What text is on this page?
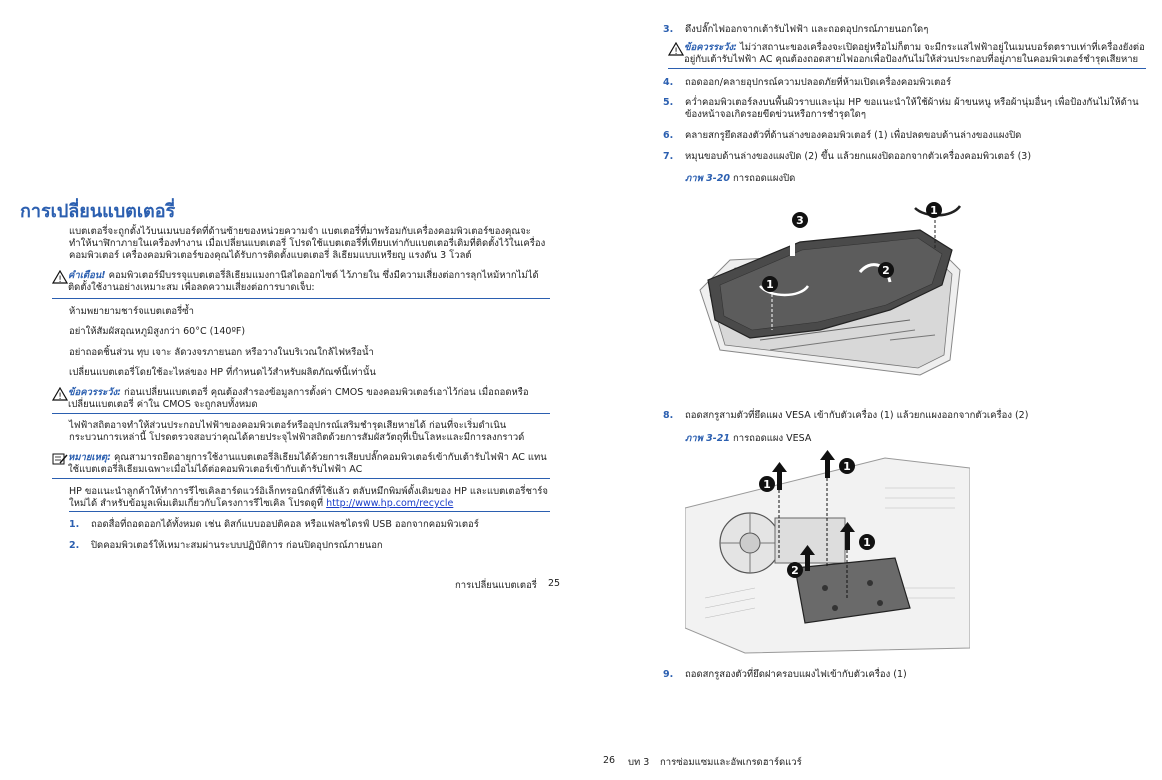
การเปลี่ยนแบตเตอรี่
แบตเตอรี่จะถูกตั้งไว้บนเมนบอร์ดที่ด้านซ้ายของหน่วยความจำ แบตเตอรี่ที่มาพร้อมกับเครื่องคอมพิวเตอร์ของคุณจะทำให้นาฬิกาภายในเครื่องทำงาน เมื่อเปลี่ยนแบตเตอรี่ โปรดใช้แบตเตอรี่ที่เทียบเท่ากับแบตเตอรี่เดิมที่ติดตั้งไว้ในเครื่องคอมพิวเตอร์ เครื่องคอมพิวเตอร์ของคุณได้รับการติดตั้งแบตเตอรี่ ลิเธียมแบบเหรียญ แรงดัน 3 โวลต์
! คำเตือน! คอมพิวเตอร์มีบรรจุแบตเตอรี่ลิเธียมแมงกานีสไดออกไซด์ ไว้ภายใน ซึ่งมีความเสี่ยงต่อการลุกไหม้หากไม่ได้ติดตั้งใช้งานอย่างเหมาะสม เพื่อลดความเสี่ยงต่อการบาดเจ็บ:
ห้ามพยายามชาร์จแบตเตอรี่ซ้ำ
อย่าให้สัมผัสอุณหภูมิสูงกว่า 60°C (140ºF)
อย่าถอดชิ้นส่วน ทุบ เจาะ ลัดวงจรภายนอก หรือวางในบริเวณใกล้ไฟหรือน้ำ
เปลี่ยนแบตเตอรี่โดยใช้อะไหล่ของ HP ที่กำหนดไว้สำหรับผลิตภัณฑ์นี้เท่านั้น
! ข้อควรระวัง: ก่อนเปลี่ยนแบตเตอรี่ คุณต้องสำรองข้อมูลการตั้งค่า CMOS ของคอมพิวเตอร์เอาไว้ก่อน เมื่อถอดหรือเปลี่ยนแบตเตอรี่ ค่าใน CMOS จะถูกลบทั้งหมด
ไฟฟ้าสถิตอาจทำให้ส่วนประกอบไฟฟ้าของคอมพิวเตอร์หรืออุปกรณ์เสริมชำรุดเสียหายได้ ก่อนที่จะเริ่มดำเนินกระบวนการเหล่านี้ โปรดตรวจสอบว่าคุณได้คายประจุไฟฟ้าสถิตด้วยการสัมผัสวัตถุที่เป็นโลหะและมีการลงกราวด์
หมายเหตุ: คุณสามารถยืดอายุการใช้งานแบตเตอรี่ลิเธียมได้ด้วยการเสียบปลั๊กคอมพิวเตอร์เข้ากับเต้ารับไฟฟ้า AC แทนใช้แบตเตอรี่ลิเธียมเฉพาะเมื่อไม่ได้ต่อคอมพิวเตอร์เข้ากับเต้ารับไฟฟ้า AC
HP ขอแนะนำลูกค้าให้ทำการรีไซเคิลฮาร์ดแวร์อิเล็กทรอนิกส์ที่ใช้แล้ว ตลับหมึกพิมพ์ดั้งเดิมของ HP และแบตเตอรี่ชาร์จใหม่ได้ สำหรับข้อมูลเพิ่มเติมเกี่ยวกับโครงการรีไซเคิล โปรดดูที่ http://www.hp.com/recycle
1. ถอดสื่อที่ถอดออกได้ทั้งหมด เช่น ดิสก์แบบออปติคอล หรือแฟลชไดรฟ์ USB ออกจากคอมพิวเตอร์
2. ปิดคอมพิวเตอร์ให้เหมาะสมผ่านระบบปฏิบัติการ ก่อนปิดอุปกรณ์ภายนอก
การเปลี่ยนแบตเตอรี่ 25
3. ดึงปลั๊กไฟออกจากเต้ารับไฟฟ้า และถอดอุปกรณ์ภายนอกใดๆ
! ข้อควรระวัง: ไม่ว่าสถานะของเครื่องจะเปิดอยู่หรือไม่ก็ตาม จะมีกระแสไฟฟ้าอยู่ในเมนบอร์ดตราบเท่าที่เครื่องยังต่ออยู่กับเต้ารับไฟฟ้า AC คุณต้องถอดสายไฟออกเพื่อป้องกันไม่ให้ส่วนประกอบที่อยู่ภายในคอมพิวเตอร์ชำรุดเสียหาย
4. ถอดออก/คลายอุปกรณ์ความปลอดภัยที่ห้ามเปิดเครื่องคอมพิวเตอร์
5. คว่ำคอมพิวเตอร์ลงบนพื้นผิวราบและนุ่ม HP ขอแนะนำให้ใช้ผ้าห่ม ผ้าขนหนู หรือผ้านุ่มอื่นๆ เพื่อป้องกันไม่ให้ด้านข้องหน้าจอเกิดรอยขีดข่วนหรือการชำรุดใดๆ
6. คลายสกรูยึดสองตัวที่ด้านล่างของคอมพิวเตอร์ (1) เพื่อปลดขอบด้านล่างของแผงปิด
7. หมุนขอบด้านล่างของแผงปิด (2) ขึ้น แล้วยกแผงปิดออกจากตัวเครื่องคอมพิวเตอร์ (3)
ภาพ 3-20 การถอดแผงปิด
3
1
2
1
8. ถอดสกรูสามตัวที่ยึดแผง VESA เข้ากับตัวเครื่อง (1) แล้วยกแผงออกจากตัวเครื่อง (2)
ภาพ 3-21 การถอดแผง VESA
1
1
1
2
9. ถอดสกรูสองตัวที่ยึดฝาครอบแผงไฟเข้ากับตัวเครื่อง (1)
26 บท 3 การซ่อมแซมและอัพเกรดฮาร์ดแวร์
